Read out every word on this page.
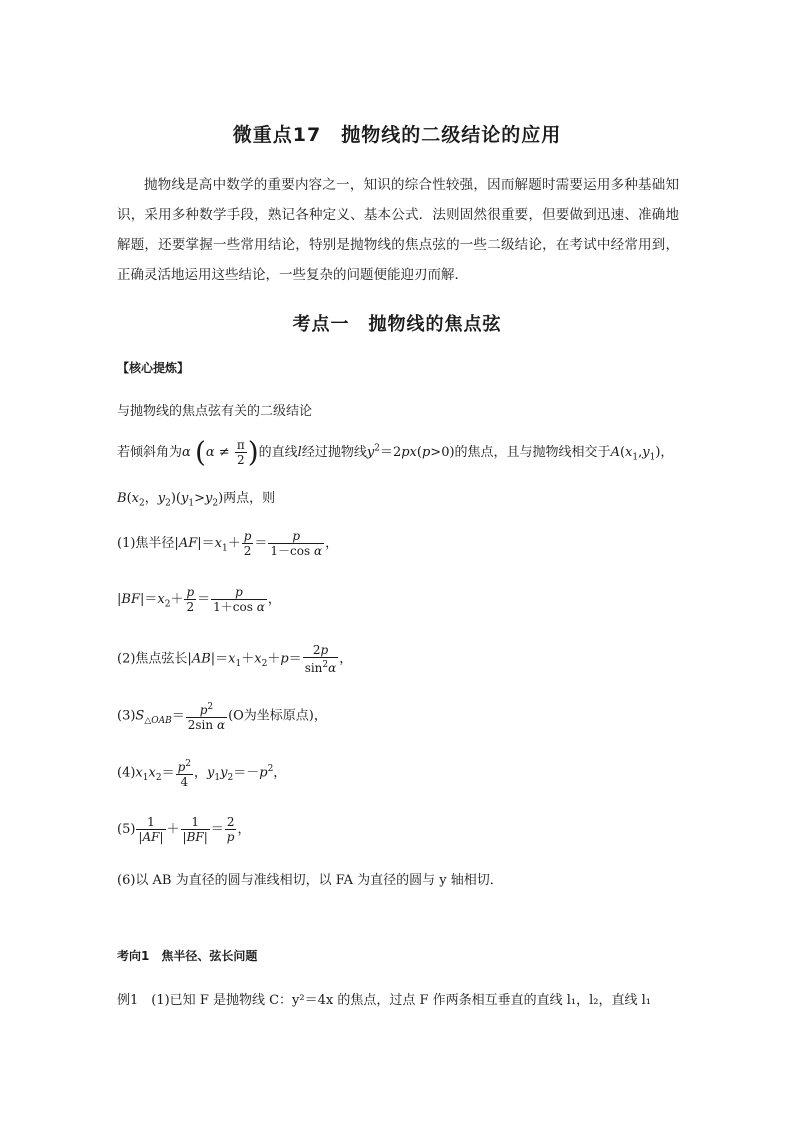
微重点17　抛物线的二级结论的应用
抛物线是高中数学的重要内容之一，知识的综合性较强，因而解题时需要运用多种基础知识，采用多种数学手段，熟记各种定义、基本公式．法则固然很重要，但要做到迅速、准确地解题，还要掌握一些常用结论，特别是抛物线的焦点弦的一些二级结论，在考试中经常用到，正确灵活地运用这些结论，一些复杂的问题便能迎刃而解．
考点一　抛物线的焦点弦
【核心提炼】
与抛物线的焦点弦有关的二级结论
若倾斜角为α ($\alpha \ne \frac{\pi}{2}$ )的直线l经过抛物线$y^2=2px(p>0)$的焦点，且与抛物线相交于$A(x_1,y_1)$，
$B(x_2$，$y_2)(y_1>y_2)$两点，则
(1)焦半径$|AF|=x_1+ \frac{p}{2} = \frac{p}{\text{1－cos α}}$ ，
$|BF|=x_2+ \frac{p}{2} = \frac{p}{\text{1＋cos α}}$ ，
(2)焦点弦长$|AB|=x_1+x_2+p= \frac{2p}{\sin^2\alpha}$ ，
$(3)S_{\triangle OAB}= \frac{p^2}{\text{2sin α}} (O$为坐标原点)，
$(4)x_1x_2= \frac{p^2}{4}$ ，$y_1y_2=-p^2$，
$(5) \frac{1}{|AF|} + \frac{1}{|BF|} = \frac{2}{p}$ ，
(6)以 AB 为直径的圆与准线相切，以 FA 为直径的圆与 y 轴相切．
考向1　焦半径、弦长问题
例1　(1)已知 F 是抛物线 C：y²＝4x 的焦点，过点 F 作两条相互垂直的直线 l₁，l₂，直线 l₁
